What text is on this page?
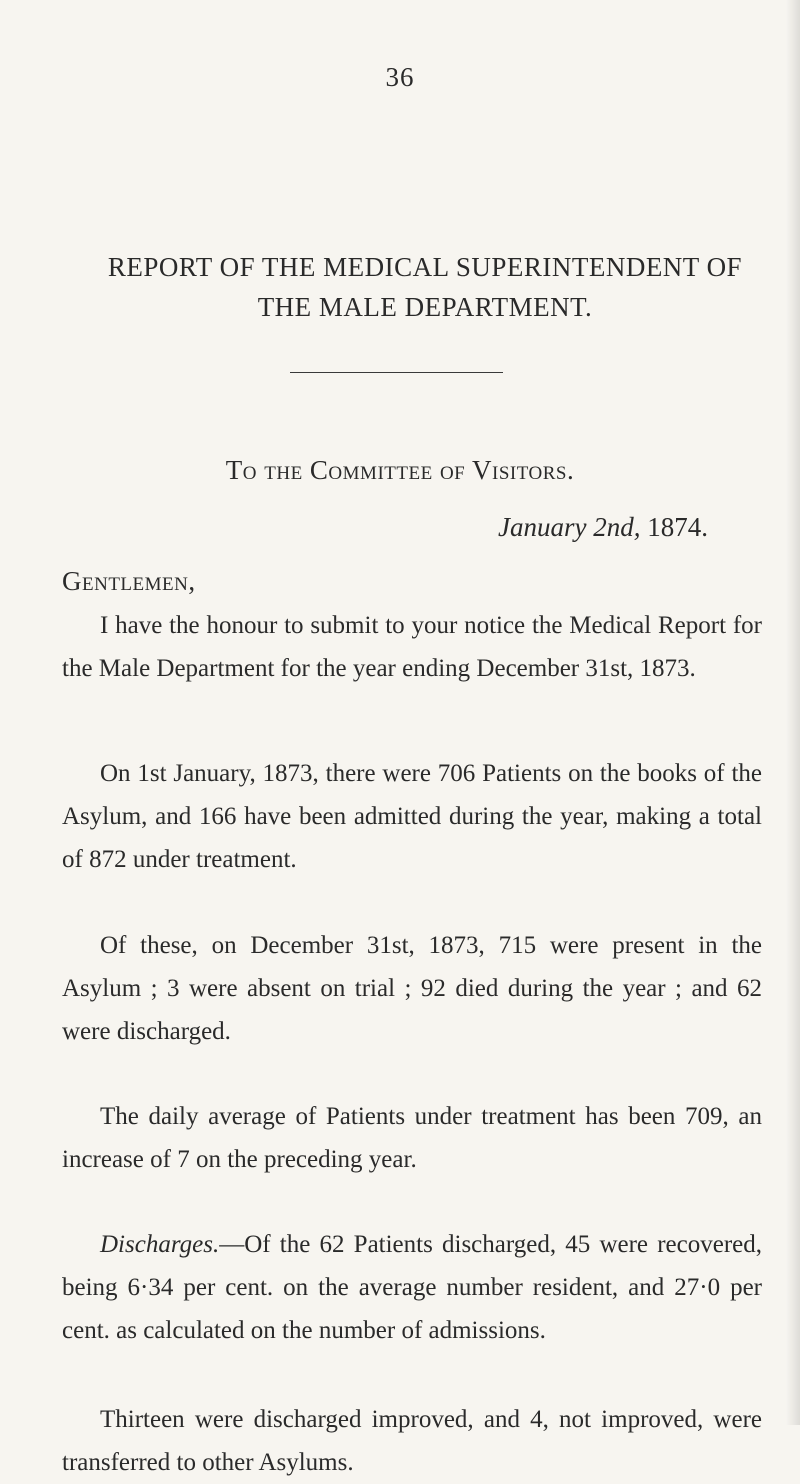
36
REPORT OF THE MEDICAL SUPERINTENDENT OF
THE MALE DEPARTMENT.
To the Committee of Visitors.
January 2nd, 1874.
Gentlemen,

I have the honour to submit to your notice the Medical Report for the Male Department for the year ending December 31st, 1873.

On 1st January, 1873, there were 706 Patients on the books of the Asylum, and 166 have been admitted during the year, making a total of 872 under treatment.

Of these, on December 31st, 1873, 715 were present in the Asylum ; 3 were absent on trial ; 92 died during the year ; and 62 were discharged.

The daily average of Patients under treatment has been 709, an increase of 7 on the preceding year.

Discharges.—Of the 62 Patients discharged, 45 were recovered, being 6·34 per cent. on the average number resident, and 27·0 per cent. as calculated on the number of admissions.

Thirteen were discharged improved, and 4, not improved, were transferred to other Asylums.
